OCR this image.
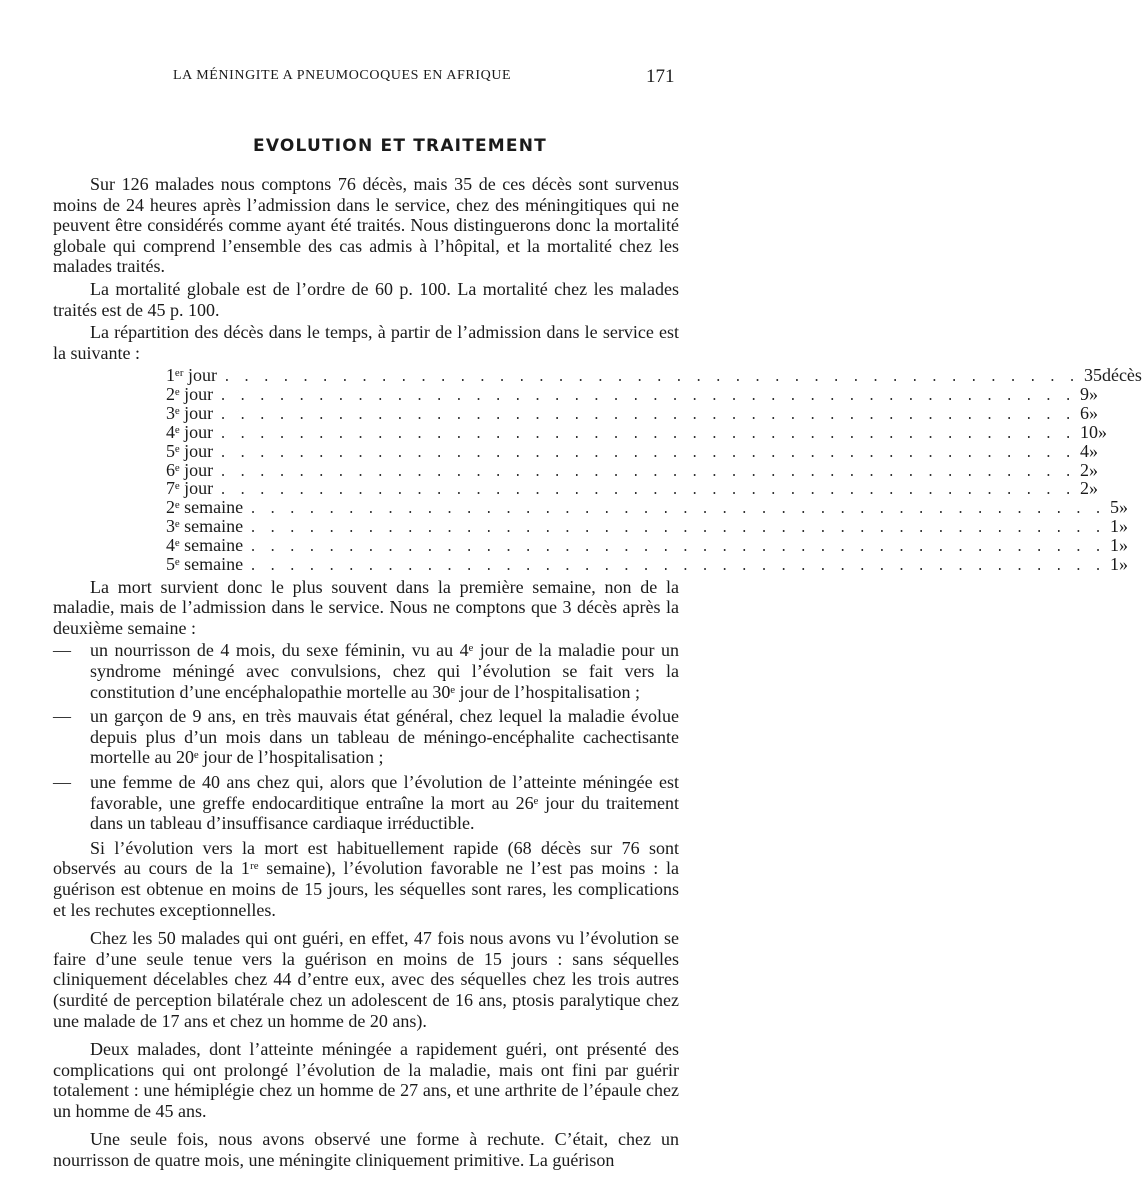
LA MÉNINGITE A PNEUMOCOQUES EN AFRIQUE	171
EVOLUTION ET TRAITEMENT

Sur 126 malades nous comptons 76 décès, mais 35 de ces décès sont survenus moins de 24 heures après l’admission dans le service, chez des méningitiques qui ne peuvent être considérés comme ayant été traités. Nous distinguerons donc la mortalité globale qui comprend l’ensemble des cas admis à l’hôpital, et la mortalité chez les malades traités.

La mortalité globale est de l’ordre de 60 p. 100. La mortalité chez les malades traités est de 45 p. 100.

La répartition des décès dans le temps, à partir de l’admission dans le service est la suivante :

1ᵉʳ jour . . . . . . . . . . . . . . . . . . . . . . . . . . . . . . . . . . . . . . . . . . . . 35 décès
2ᵉ jour . . . . . . . . . . . . . . . . . . . . . . . . . . . . . . . . . . . . . . . . . . . . 9 »
3ᵉ jour . . . . . . . . . . . . . . . . . . . . . . . . . . . . . . . . . . . . . . . . . . . . 6 »
4ᵉ jour . . . . . . . . . . . . . . . . . . . . . . . . . . . . . . . . . . . . . . . . . . . . 10 »
5ᵉ jour . . . . . . . . . . . . . . . . . . . . . . . . . . . . . . . . . . . . . . . . . . . . 4 »
6ᵉ jour . . . . . . . . . . . . . . . . . . . . . . . . . . . . . . . . . . . . . . . . . . . . 2 »
7ᵉ jour . . . . . . . . . . . . . . . . . . . . . . . . . . . . . . . . . . . . . . . . . . . . 2 »
2ᵉ semaine . . . . . . . . . . . . . . . . . . . . . . . . . . . . . . . . . . . . . . . . . . . . 5 »
3ᵉ semaine . . . . . . . . . . . . . . . . . . . . . . . . . . . . . . . . . . . . . . . . . . . . 1 »
4ᵉ semaine . . . . . . . . . . . . . . . . . . . . . . . . . . . . . . . . . . . . . . . . . . . . 1 »
5ᵉ semaine . . . . . . . . . . . . . . . . . . . . . . . . . . . . . . . . . . . . . . . . . . . . 1 »

La mort survient donc le plus souvent dans la première semaine, non de la maladie, mais de l’admission dans le service. Nous ne comptons que 3 décès après la deuxième semaine :

— un nourrisson de 4 mois, du sexe féminin, vu au 4ᵉ jour de la maladie pour un syndrome méningé avec convulsions, chez qui l’évolution se fait vers la constitution d’une encéphalopathie mortelle au 30ᵉ jour de l’hospitalisation ;
— un garçon de 9 ans, en très mauvais état général, chez lequel la maladie évolue depuis plus d’un mois dans un tableau de méningo-encéphalite cachectisante mortelle au 20ᵉ jour de l’hospitalisation ;
— une femme de 40 ans chez qui, alors que l’évolution de l’atteinte méningée est favorable, une greffe endocarditique entraîne la mort au 26ᵉ jour du traitement dans un tableau d’insuffisance cardiaque irréductible.

Si l’évolution vers la mort est habituellement rapide (68 décès sur 76 sont observés au cours de la 1ʳᵉ semaine), l’évolution favorable ne l’est pas moins : la guérison est obtenue en moins de 15 jours, les séquelles sont rares, les complications et les rechutes exceptionnelles.

Chez les 50 malades qui ont guéri, en effet, 47 fois nous avons vu l’évolution se faire d’une seule tenue vers la guérison en moins de 15 jours : sans séquelles cliniquement décelables chez 44 d’entre eux, avec des séquelles chez les trois autres (surdité de perception bilatérale chez un adolescent de 16 ans, ptosis paralytique chez une malade de 17 ans et chez un homme de 20 ans).

Deux malades, dont l’atteinte méningée a rapidement guéri, ont présenté des complications qui ont prolongé l’évolution de la maladie, mais ont fini par guérir totalement : une hémiplégie chez un homme de 27 ans, et une arthrite de l’épaule chez un homme de 45 ans.

Une seule fois, nous avons observé une forme à rechute. C’était, chez un nourrisson de quatre mois, une méningite cliniquement primitive. La guérison
